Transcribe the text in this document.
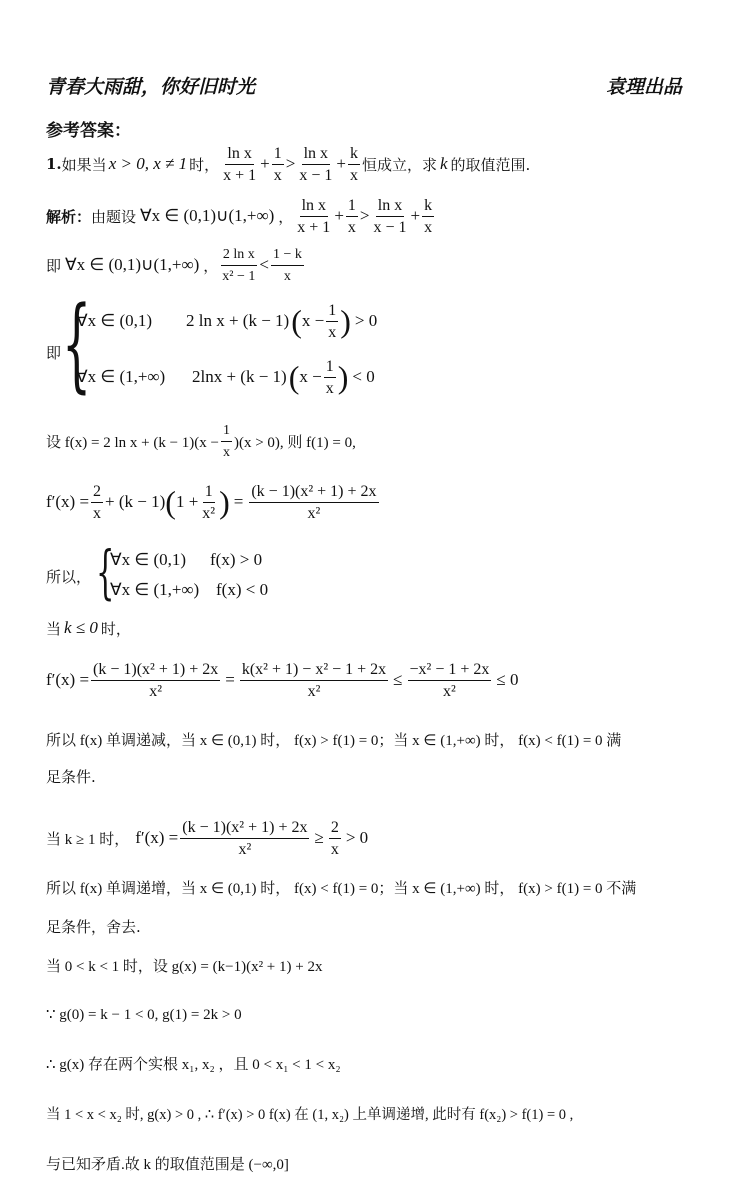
青春大雨甜，你好旧时光	袁理出品
参考答案：
1. 如果当 x > 0, x ≠ 1 时， $\frac{\text{ln x}}{x + 1} + \frac{1}{x} > \frac{\text{ln x}}{x - 1} + \frac{k}{x}$ 恒成立，求 k 的取值范围.
解析： 由题设 ∀x ∈ (0,1)∪(1,+∞) ， $\frac{\text{ln x}}{x + 1} + \frac{1}{x} > \frac{\text{ln x}}{x - 1} + \frac{k}{x}$
即 ∀x ∈ (0,1)∪(1,+∞) ， $\frac{\text{2 ln x}}{\text{x² − 1}} < \frac{1 - k}{x}$
即 {
∀x ∈ (0,1)	2 ln x + (k − 1) ( $x - \frac{1}{x}$ ) > 0
∀x ∈ (1,+∞)	2lnx + (k − 1) ( $x - \frac{1}{x}$ ) < 0
设 f(x) = 2 $\ln x + (k - 1)(x - \frac{1}{x} )(x > 0)$, 则 f(1) = 0,
$f'(x) = \frac{2}{x} + (k - 1)$ ( $1 + \frac{1}{\text{x²}}$ ) = $\frac{\text{(k − 1)(x² + 1) + 2x}}{\text{x²}}$
所以， {
∀x ∈ (0,1)	f(x) > 0
∀x ∈ (1,+∞) f(x) < 0
当 k ≤ 0 时，
$f'(x) = \frac{\text{(k − 1)(x² + 1) + 2x}}{\text{x²}} = \frac{\text{k(x² + 1) − x² − 1 + 2x}}{\text{x²}} \le \frac{\text{−x² − 1 + 2x}}{\text{x²}} \le 0$
所以 f(x) 单调递减，当 x ∈ (0,1) 时， f(x) > f(1) = 0；当 x ∈ (1,+∞) 时， f(x) < f(1) = 0 满
足条件.
当 k ≥ 1 时， $f'(x) = \frac{\text{(k − 1)(x² + 1) + 2x}}{\text{x²}} \ge \frac{2}{x} > 0$
所以 f(x) 单调递增，当 x ∈ (0,1) 时， f(x) < f(1) = 0；当 x ∈ (1,+∞) 时， f(x) > f(1) = 0 不满
足条件，舍去.
当 0 < k < 1 时，设 g(x) = (k−1)(x² + 1) + 2x
∵ g(0) = k − 1 < 0, g(1) = 2k > 0
∴ g(x) 存在两个实根 x₁, x₂ ，且 0 < x₁ < 1 < x₂
当 1 < x < x₂ 时, g(x) > 0 , ∴ f′(x) > 0 f(x) 在 (1, x₂) 上单调递增, 此时有 f(x₂) > f(1) = 0 ,
与已知矛盾.故 k 的取值范围是 (−∞,0]
